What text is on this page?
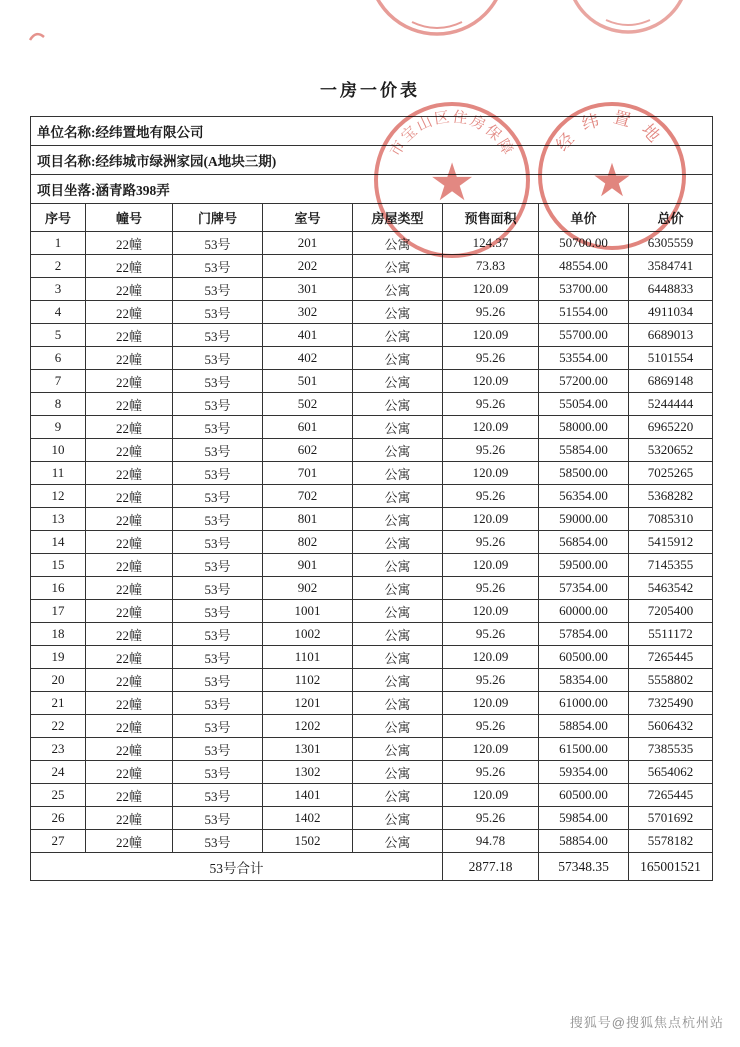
一房一价表
单位名称:经纬置地有限公司							
项目名称:经纬城市绿洲家园(A地块三期)							
项目坐落:涵青路398弄							
序号	幢号	门牌号	室号	房屋类型	预售面积	单价	总价
1	22幢	53号	201	公寓	124.37	50700.00	6305559
2	22幢	53号	202	公寓	73.83	48554.00	3584741
3	22幢	53号	301	公寓	120.09	53700.00	6448833
4	22幢	53号	302	公寓	95.26	51554.00	4911034
5	22幢	53号	401	公寓	120.09	55700.00	6689013
6	22幢	53号	402	公寓	95.26	53554.00	5101554
7	22幢	53号	501	公寓	120.09	57200.00	6869148
8	22幢	53号	502	公寓	95.26	55054.00	5244444
9	22幢	53号	601	公寓	120.09	58000.00	6965220
10	22幢	53号	602	公寓	95.26	55854.00	5320652
11	22幢	53号	701	公寓	120.09	58500.00	7025265
12	22幢	53号	702	公寓	95.26	56354.00	5368282
13	22幢	53号	801	公寓	120.09	59000.00	7085310
14	22幢	53号	802	公寓	95.26	56854.00	5415912
15	22幢	53号	901	公寓	120.09	59500.00	7145355
16	22幢	53号	902	公寓	95.26	57354.00	5463542
17	22幢	53号	1001	公寓	120.09	60000.00	7205400
18	22幢	53号	1002	公寓	95.26	57854.00	5511172
19	22幢	53号	1101	公寓	120.09	60500.00	7265445
20	22幢	53号	1102	公寓	95.26	58354.00	5558802
21	22幢	53号	1201	公寓	120.09	61000.00	7325490
22	22幢	53号	1202	公寓	95.26	58854.00	5606432
23	22幢	53号	1301	公寓	120.09	61500.00	7385535
24	22幢	53号	1302	公寓	95.26	59354.00	5654062
25	22幢	53号	1401	公寓	120.09	60500.00	7265445
26	22幢	53号	1402	公寓	95.26	59854.00	5701692
27	22幢	53号	1502	公寓	94.78	58854.00	5578182
53号合计					2877.18	57348.35	165001521
★
市宝山区住房保障
★
经纬置地
搜狐号@搜狐焦点杭州站
